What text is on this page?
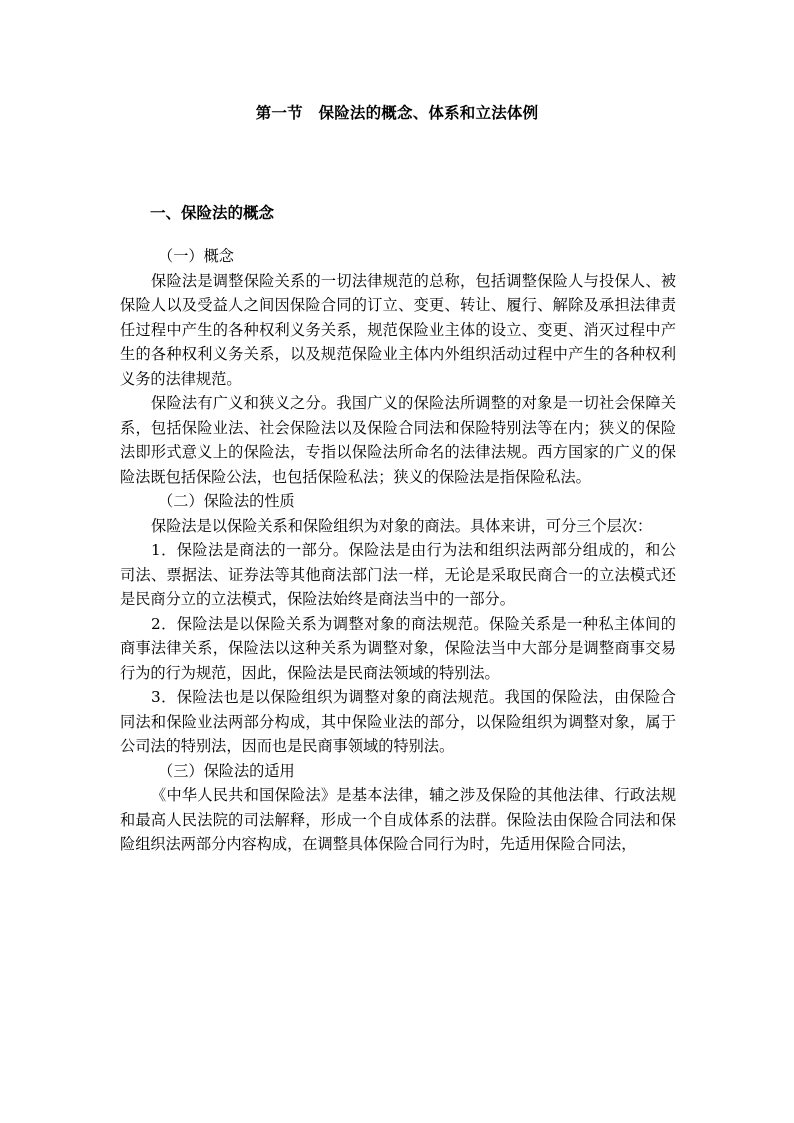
第一节　保险法的概念、体系和立法体例
一、保险法的概念

（一）概念

保险法是调整保险关系的一切法律规范的总称，包括调整保险人与投保人、被保险人以及受益人之间因保险合同的订立、变更、转让、履行、解除及承担法律责任过程中产生的各种权利义务关系，规范保险业主体的设立、变更、消灭过程中产生的各种权利义务关系，以及规范保险业主体内外组织活动过程中产生的各种权利义务的法律规范。

保险法有广义和狭义之分。我国广义的保险法所调整的对象是一切社会保障关系，包括保险业法、社会保险法以及保险合同法和保险特别法等在内；狭义的保险法即形式意义上的保险法，专指以保险法所命名的法律法规。西方国家的广义的保险法既包括保险公法，也包括保险私法；狭义的保险法是指保险私法。

（二）保险法的性质

保险法是以保险关系和保险组织为对象的商法。具体来讲，可分三个层次：

1．保险法是商法的一部分。保险法是由行为法和组织法两部分组成的，和公司法、票据法、证券法等其他商法部门法一样，无论是采取民商合一的立法模式还是民商分立的立法模式，保险法始终是商法当中的一部分。

2．保险法是以保险关系为调整对象的商法规范。保险关系是一种私主体间的商事法律关系，保险法以这种关系为调整对象，保险法当中大部分是调整商事交易行为的行为规范，因此，保险法是民商法领域的特别法。

3．保险法也是以保险组织为调整对象的商法规范。我国的保险法，由保险合同法和保险业法两部分构成，其中保险业法的部分，以保险组织为调整对象，属于公司法的特别法，因而也是民商事领域的特别法。

（三）保险法的适用

《中华人民共和国保险法》是基本法律，辅之涉及保险的其他法律、行政法规和最高人民法院的司法解释，形成一个自成体系的法群。保险法由保险合同法和保险组织法两部分内容构成，在调整具体保险合同行为时，先适用保险合同法，
